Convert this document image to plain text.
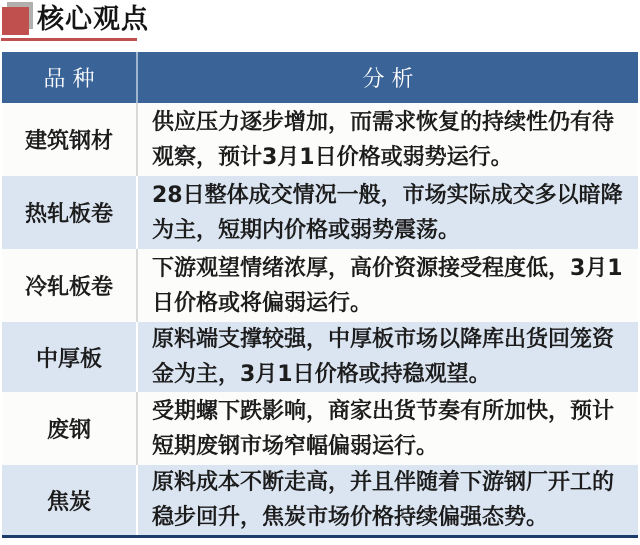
核心观点
品种	分析
建筑钢材	供应压力逐步增加，而需求恢复的持续性仍有待观察，预计3月1日价格或弱势运行。
热轧板卷	28日整体成交情况一般，市场实际成交多以暗降为主，短期内价格或弱势震荡。
冷轧板卷	下游观望情绪浓厚，高价资源接受程度低，3月1日价格或将偏弱运行。
中厚板	原料端支撑较强，中厚板市场以降库出货回笼资金为主，3月1日价格或持稳观望。
废钢	受期螺下跌影响，商家出货节奏有所加快，预计短期废钢市场窄幅偏弱运行。
焦炭	原料成本不断走高，并且伴随着下游钢厂开工的稳步回升，焦炭市场价格持续偏强态势。
